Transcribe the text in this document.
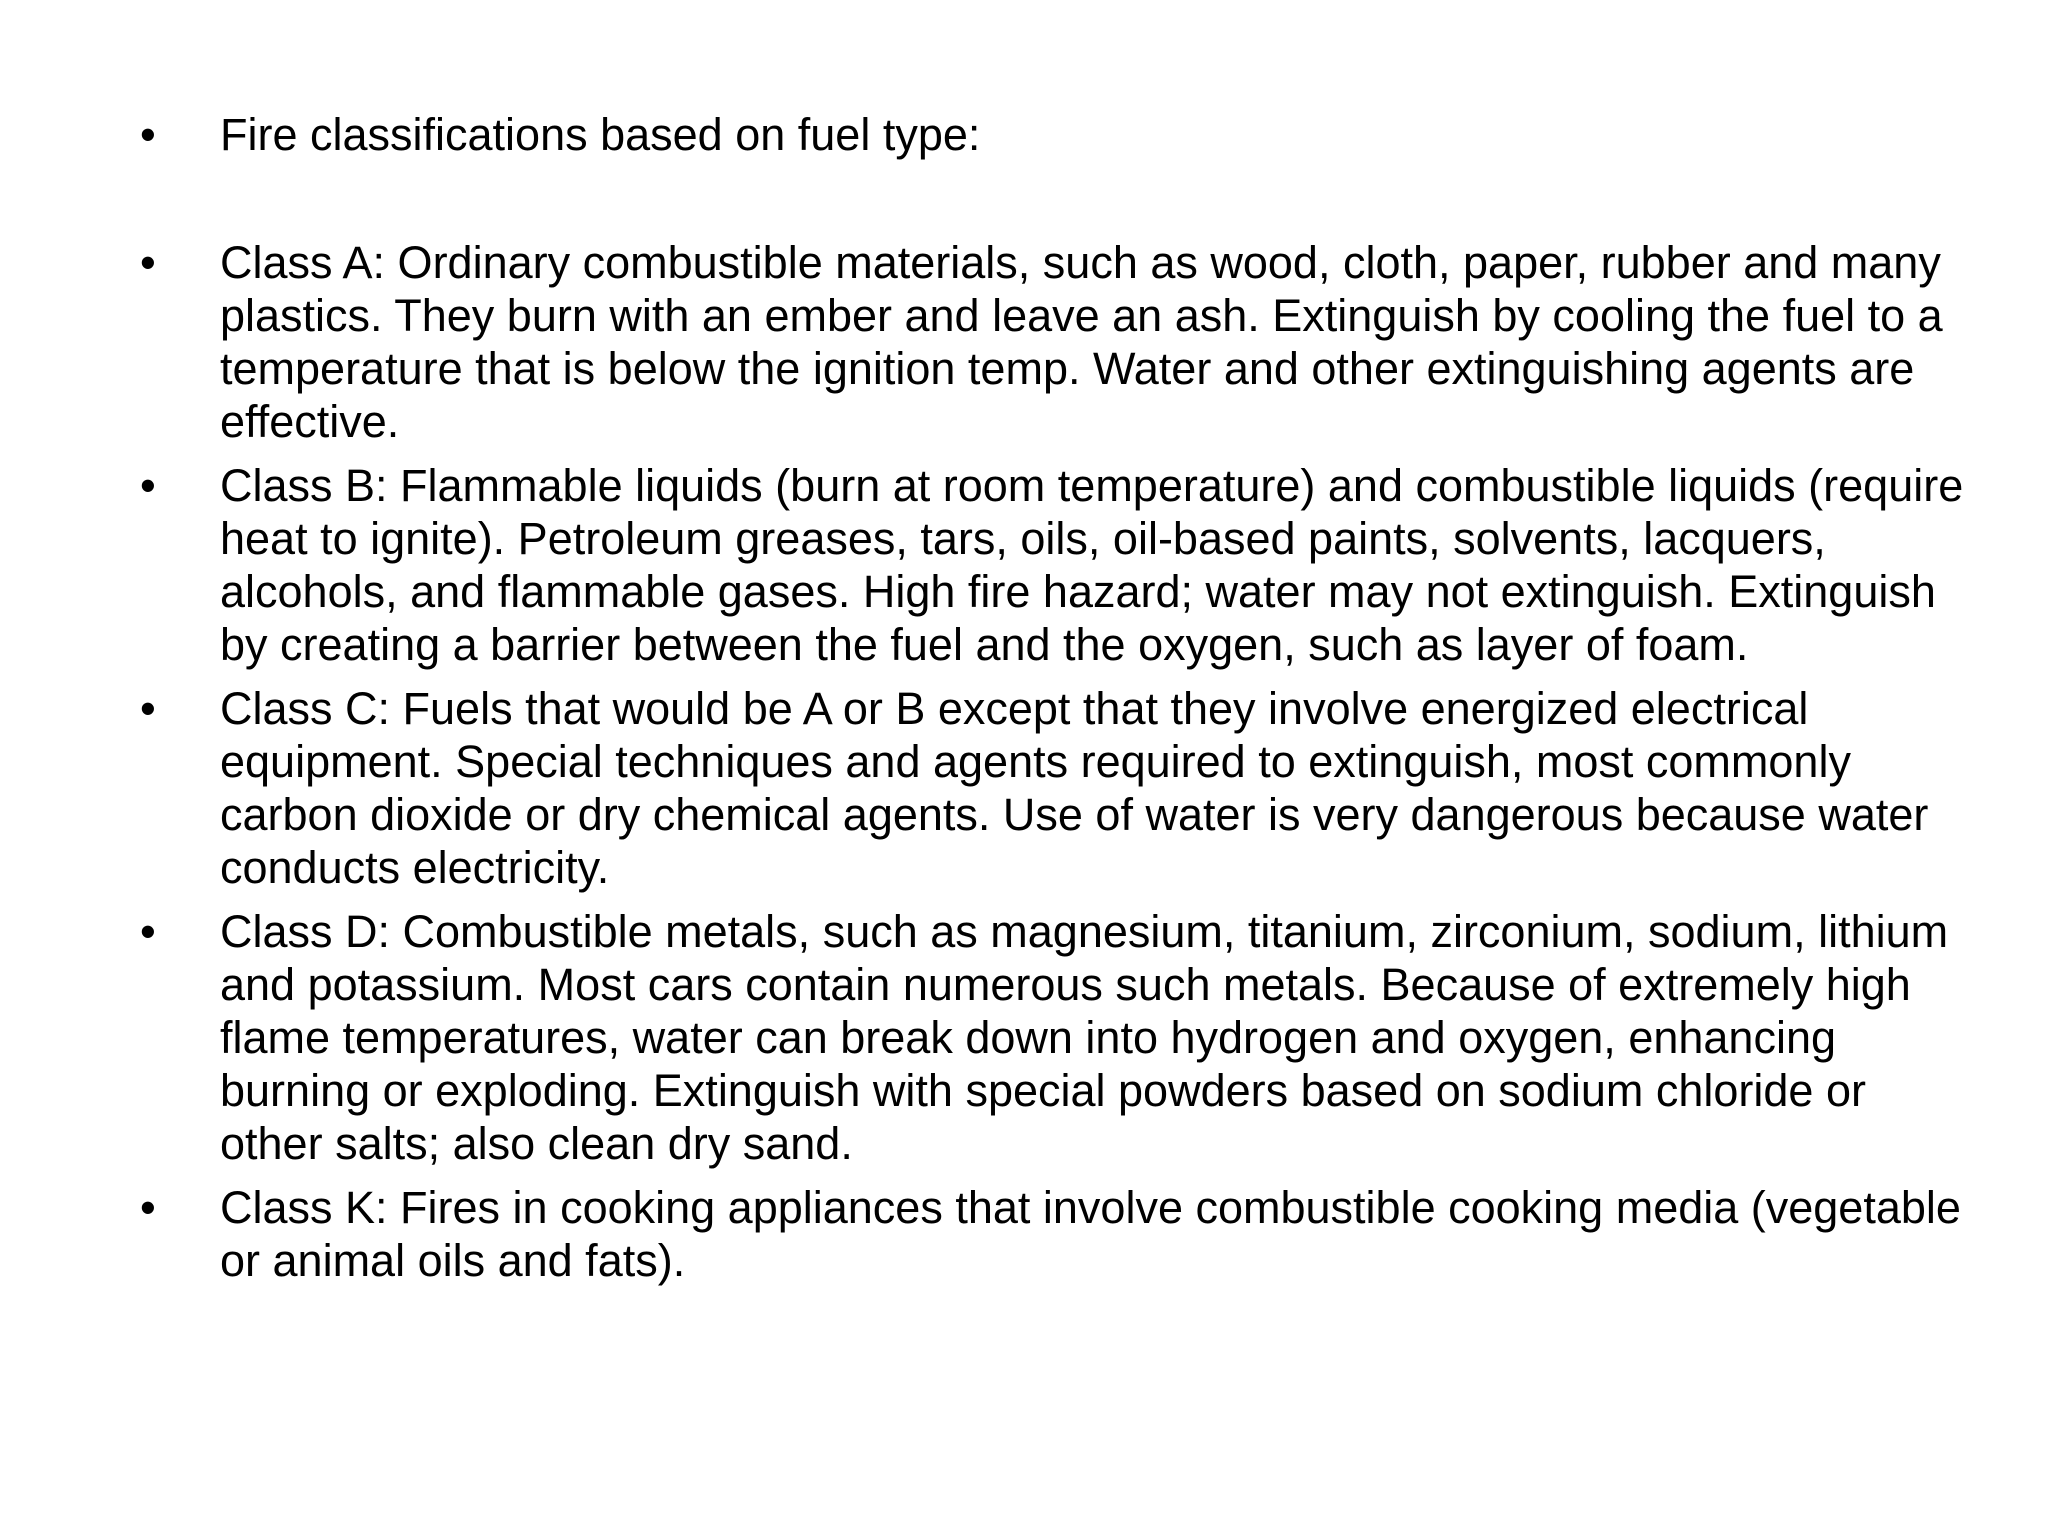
•	Fire classifications based on fuel type:
•	Class A: Ordinary combustible materials, such as wood, cloth, paper, rubber and many plastics. They burn with an ember and leave an ash. Extinguish by cooling the fuel to a temperature that is below the ignition temp. Water and other extinguishing agents are effective.
•	Class B: Flammable liquids (burn at room temperature) and combustible liquids (require heat to ignite). Petroleum greases, tars, oils, oil-based paints, solvents, lacquers, alcohols, and flammable gases. High fire hazard; water may not extinguish. Extinguish by creating a barrier between the fuel and the oxygen, such as layer of foam.
•	Class C: Fuels that would be A or B except that they involve energized electrical equipment. Special techniques and agents required to extinguish, most commonly carbon dioxide or dry chemical agents. Use of water is very dangerous because water conducts electricity.
•	Class D: Combustible metals, such as magnesium, titanium, zirconium, sodium, lithium and potassium. Most cars contain numerous such metals. Because of extremely high flame temperatures, water can break down into hydrogen and oxygen, enhancing burning or exploding. Extinguish with special powders based on sodium chloride or other salts; also clean dry sand.
•	Class K: Fires in cooking appliances that involve combustible cooking media (vegetable or animal oils and fats).
